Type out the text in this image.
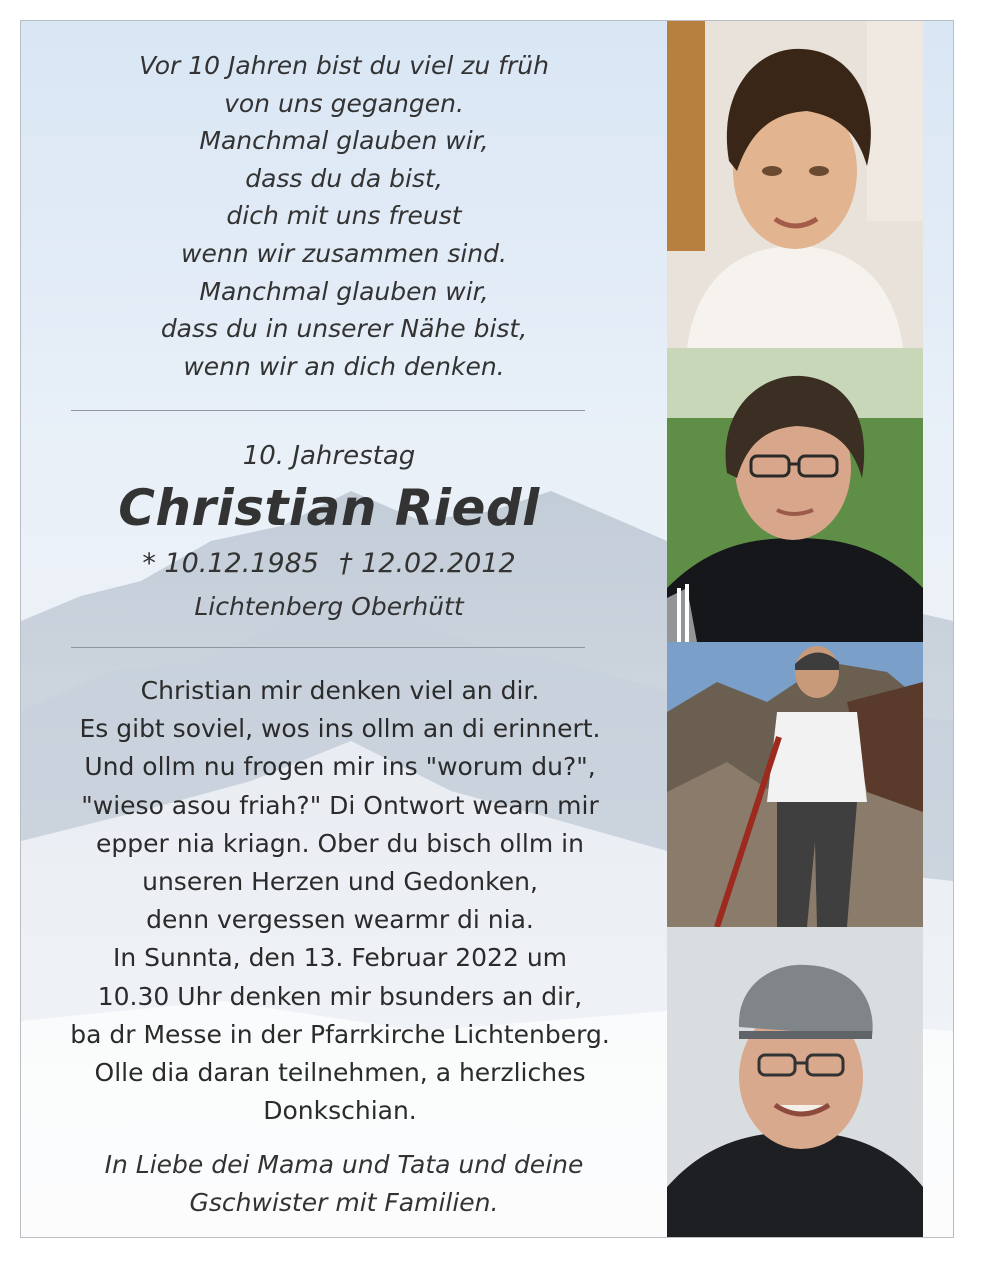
Vor 10 Jahren bist du viel zu früh
von uns gegangen.
Manchmal glauben wir,
dass du da bist,
dich mit uns freust
wenn wir zusammen sind.
Manchmal glauben wir,
dass du in unserer Nähe bist,
wenn wir an dich denken.

10. Jahrestag
Christian Riedl
* 10.12.1985 † 12.02.2012
Lichtenberg Oberhütt

Christian mir denken viel an dir.
Es gibt soviel, wos ins ollm an di erinnert.
Und ollm nu frogen mir ins "worum du?",
"wieso asou friah?" Di Ontwort wearn mir
epper nia kriagn. Ober du bisch ollm in
unseren Herzen und Gedonken,
denn vergessen wearmr di nia.
In Sunnta, den 13. Februar 2022 um
10.30 Uhr denken mir bsunders an dir,
ba dr Messe in der Pfarrkirche Lichtenberg.
Olle dia daran teilnehmen, a herzliches
Donkschian.

In Liebe dei Mama und Tata und deine
Gschwister mit Familien.
